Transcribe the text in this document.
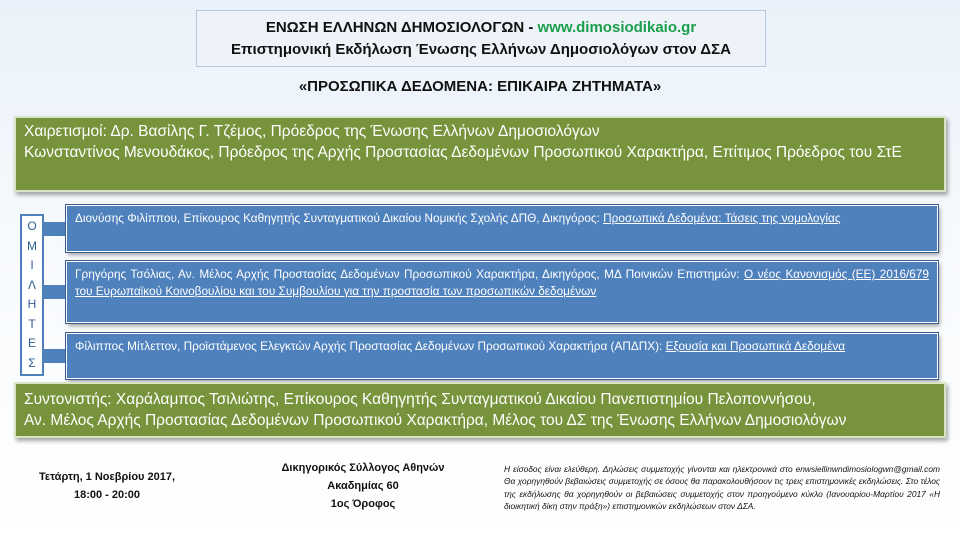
ΕΝΩΣΗ ΕΛΛΗΝΩΝ ΔΗΜΟΣΙΟΛΟΓΩΝ - www.dimosiodikaio.gr
Επιστημονική Εκδήλωση Ένωσης Ελλήνων Δημοσιολόγων στον ΔΣΑ
«ΠΡΟΣΩΠΙΚΑ ΔΕΔΟΜΕΝΑ: ΕΠΙΚΑΙΡΑ ΖΗΤΗΜΑΤΑ»
Χαιρετισμοί: Δρ. Βασίλης Γ. Τζέμος, Πρόεδρος της Ένωσης Ελλήνων Δημοσιολόγων
Κωνσταντίνος Μενουδάκος, Πρόεδρος της Αρχής Προστασίας Δεδομένων Προσωπικού Χαρακτήρα, Επίτιμος Πρόεδρος του ΣτΕ
Ο
Μ
Ι
Λ
Η
Τ
Ε
Σ
Διονύσης Φιλίππου, Επίκουρος Καθηγητής Συνταγματικού Δικαίου Νομικής Σχολής ΔΠΘ, Δικηγόρος: Προσωπικά Δεδομένα: Τάσεις της νομολογίας
Γρηγόρης Τσόλιας, Αν. Μέλος Αρχής Προστασίας Δεδομένων Προσωπικού Χαρακτήρα, Δικηγόρος, ΜΔ Ποινικών Επιστημών: Ο νέος Κανονισμός (ΕΕ) 2016/679 του Ευρωπαϊκού Κοινοβουλίου και του Συμβουλίου για την προστασία των προσωπικών δεδομένων
Φίλιππος Μίτλεττον, Προϊστάμενος Ελεγκτών Αρχής Προστασίας Δεδομένων Προσωπικού Χαρακτήρα (ΑΠΔΠΧ): Εξουσία και Προσωπικά Δεδομένα
Συντονιστής: Χαράλαμπος Τσιλιώτης, Επίκουρος Καθηγητής Συνταγματικού Δικαίου Πανεπιστημίου Πελοποννήσου,
Αν. Μέλος Αρχής Προστασίας Δεδομένων Προσωπικού Χαρακτήρα, Μέλος του ΔΣ της Ένωσης Ελλήνων Δημοσιολόγων
Τετάρτη, 1 Νοεβρίου 2017,
18:00 - 20:00
Δικηγορικός Σύλλογος Αθηνών
Ακαδημίας 60
1ος Όροφος
Η είσοδος είναι ελεύθερη. Δηλώσεις συμμετοχής γίνονται και ηλεκτρονικά στο enwsiellinwndimosiologwn@gmail.com Θα χορηγηθούν βεβαιώσεις συμμετοχής σε όσους θα παρακολουθήσουν τις τρεις επιστημονικές εκδηλώσεις. Στο τέλος της εκδήλωσης θα χορηγηθούν οι βεβαιώσεις συμμετοχής στον προηγούμενο κύκλο (Ιανουαρίου-Μαρτίου 2017 «Η διοικητική δίκη στην πράξη») επιστημονικών εκδηλώσεων στον ΔΣΑ.
